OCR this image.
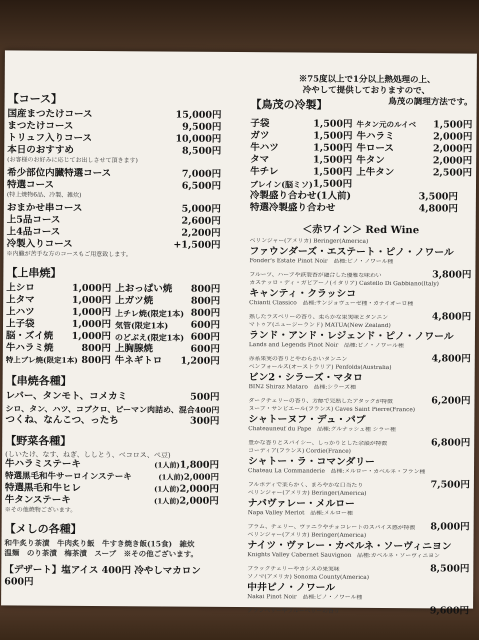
【コース】
国産まつたけコース	15,000円
まつたけコース	9,500円
トリュフ入りコース	10,000円
本日のおすすめ	8,500円
(お客様のお好みに応じてお出しさせて頂きます)
希少部位内臓特選コース	7,000円
特選コース	6,500円
(特上焼物6品、冷製、雑炊)
おまかせ串コース	5,000円
上5品コース	2,600円
上4品コース	2,200円
冷製入りコース	+1,500円
※内臓が苦手な方のコースもご用意致します。
【上串焼】
上シロ	1,000円 上おっぱい焼 800円
上タマ	1,000円 上ガツ焼	800円
上ハツ	1,000円 上チレ焼(限定1本) 800円
上子袋	1,000円 気管(限定1本) 600円
脳・ズイ焼 1,000円 のどぶえ(限定1本) 600円
牛ハラミ焼	800円 上胸腺焼	600円
特上ブレ焼(限定1本) 800円 牛ネギトロ 1,200円
【串焼各種】
レバー、タンモト、コメカミ	500円
シロ、タン、ハツ、コブクロ、ピーマン肉詰め、混合 400円
つくね、なんこつ、ったち	300円
【野菜各種】
(しいたけ、なす、ねぎ、ししとう、ベコロス、ぺ豆)
牛ハラミステーキ	(1人前)1,800円
特選黒毛和牛サーロインステーキ	(1人前)2,000円
特選黒毛和牛ヒレ	(1人前)2,000円
牛タンステーキ	(1人前)2,000円
※その他焼物ございます。
【メしの各種】
和牛炙り茶漬　牛肉炙り飯　牛すき焼き飯(15食)　雑炊
温麺　のり茶漬　梅茶漬　スープ　※その他ございます。
【デザート】塩アイス 400円 冷やしマカロン 600円
※75度以上で1分以上熱処理の上、
冷やして提供しておりますので、
【鳥茂の冷製】	鳥茂の調理方法です。
子袋	1,500円 牛タン元のルイベ 1,500円
ガツ	1,500円 牛ハラミ	2,000円
牛ハツ	1,500円 牛ロース	2,000円
タマ	1,500円 牛タン	2,000円
牛チレ	1,500円 上牛タン	2,500円
ブレイン(脳ミソ) 1,500円
冷製盛り合わせ(1人前)	3,500円
特選冷製盛り合わせ	4,800円
＜赤ワイン＞ Red Wine
ベリンジャー(アメリカ) Beringer(America)
ファウンダーズ・エステート・ピノ・ノワール
Fonder's Estate Pinot Noir　品種:ピノ・ノワール種
フルーツ、ハーブや鉄製香が融合した優雅な味わい	3,800円
カステッロ・ディ・ガビアーノ(イタリア) Castello Di Gabbiano(Italy)
キャンティ・クラッシコ
Chianti Classico　品種:サンジョヴェーゼ種・カナイオーロ種
熟したラズベリーの香り、柔らかな果実味とタンニン	4,800円
マトゥア(ニュージーランド) MATUA(New Zealand)
ランド・アンド・レジェンド・ピノ・ノワール
Lands and Legends Pinot Noir　品種:ピノ・ノワール種
赤系果実の香りとやわらかいタンニン	4,800円
ベンフォールズ(オーストラリア) Penfolds(Australia)
ビン2・シラーズ・マタロ
BIN2 Shiraz Mataro　品種:シラーズ種
ダークチェリーの香り、芳醇で完熟したアタックが特徴	6,200円
ヌーブ・サンピエール(フランス) Caves Saint Pierre(France)
シャトーヌフ・デュ・パプ
Chateauneuf du Pape　品種:グルナッシュ種 シラー種
豊かな香りとスパイシー、しっかりとした余韻が特徴	6,800円
コーディア(フランス) Cordie(France)
シャトー・ラ・コマンダリー
Chateau La Commanderie　品種:メルロー・カベルネ・フラン種
フルボディで柔らかく、まろやかな口当たり	7,500円
ベリンジャー(アメリカ) Beringer(America)
ナパヴァレー・メルロー
Napa Valley Merlot　品種:メルロー種
プラム、チェリー、ヴァニラやチョコレートのスパイス感が特徴 8,000円
ベリンジャー(アメリカ) Beringer(America)
ナイツ・ヴァレー・カベルネ・ソーヴィニヨン
Knights Valley Cabernet Sauvignon　品種:カベルネ・ソーヴィニヨン
ブラックチェリーやカシスの果実味	8,500円
ソノマ(アメリカ) Sonoma County(America)
中井ピノ・ノワール
Nakai Pinot Noir　品種:ピノ・ノワール種
クランベリーやブルーベリーの香り	9,600円
